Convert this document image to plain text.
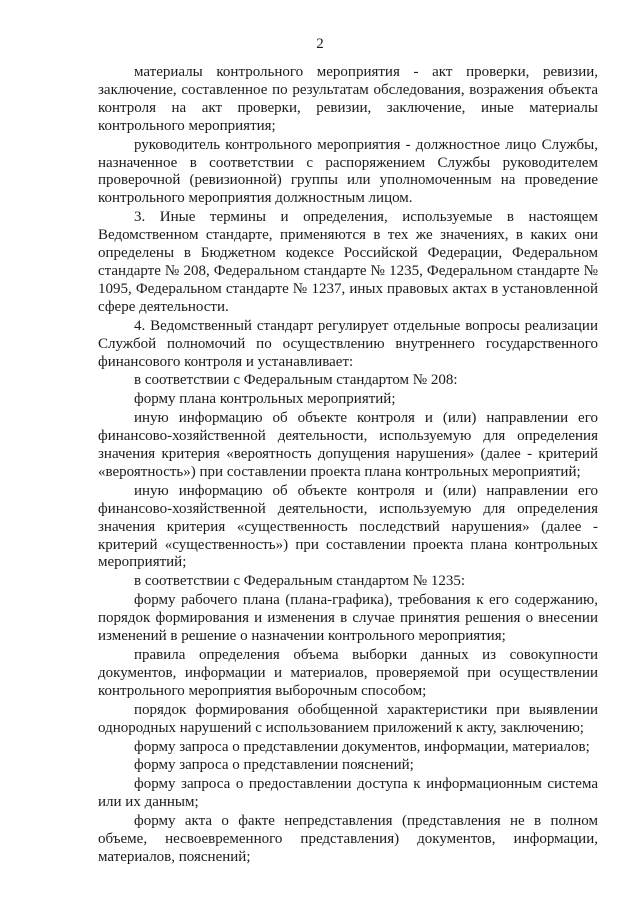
2

материалы контрольного мероприятия - акт проверки, ревизии, заключение, составленное по результатам обследования, возражения объекта контроля на акт проверки, ревизии, заключение, иные материалы контрольного мероприятия;

руководитель контрольного мероприятия - должностное лицо Службы, назначенное в соответствии с распоряжением Службы руководителем проверочной (ревизионной) группы или уполномоченным на проведение контрольного мероприятия должностным лицом.

3. Иные термины и определения, используемые в настоящем Ведомственном стандарте, применяются в тех же значениях, в каких они определены в Бюджетном кодексе Российской Федерации, Федеральном стандарте № 208, Федеральном стандарте № 1235, Федеральном стандарте № 1095, Федеральном стандарте № 1237, иных правовых актах в установленной сфере деятельности.

4. Ведомственный стандарт регулирует отдельные вопросы реализации Службой полномочий по осуществлению внутреннего государственного финансового контроля и устанавливает:

в соответствии с Федеральным стандартом № 208:

форму плана контрольных мероприятий;

иную информацию об объекте контроля и (или) направлении его финансово-хозяйственной деятельности, используемую для определения значения критерия «вероятность допущения нарушения» (далее - критерий «вероятность») при составлении проекта плана контрольных мероприятий;

иную информацию об объекте контроля и (или) направлении его финансово-хозяйственной деятельности, используемую для определения значения критерия «существенность последствий нарушения» (далее - критерий «существенность») при составлении проекта плана контрольных мероприятий;

в соответствии с Федеральным стандартом № 1235:

форму рабочего плана (плана-графика), требования к его содержанию, порядок формирования и изменения в случае принятия решения о внесении изменений в решение о назначении контрольного мероприятия;

правила определения объема выборки данных из совокупности документов, информации и материалов, проверяемой при осуществлении контрольного мероприятия выборочным способом;

порядок формирования обобщенной характеристики при выявлении однородных нарушений с использованием приложений к акту, заключению;

форму запроса о представлении документов, информации, материалов;

форму запроса о представлении пояснений;

форму запроса о предоставлении доступа к информационным система или их данным;

форму акта о факте непредставления (представления не в полном объеме, несвоевременного представления) документов, информации, материалов, пояснений;
